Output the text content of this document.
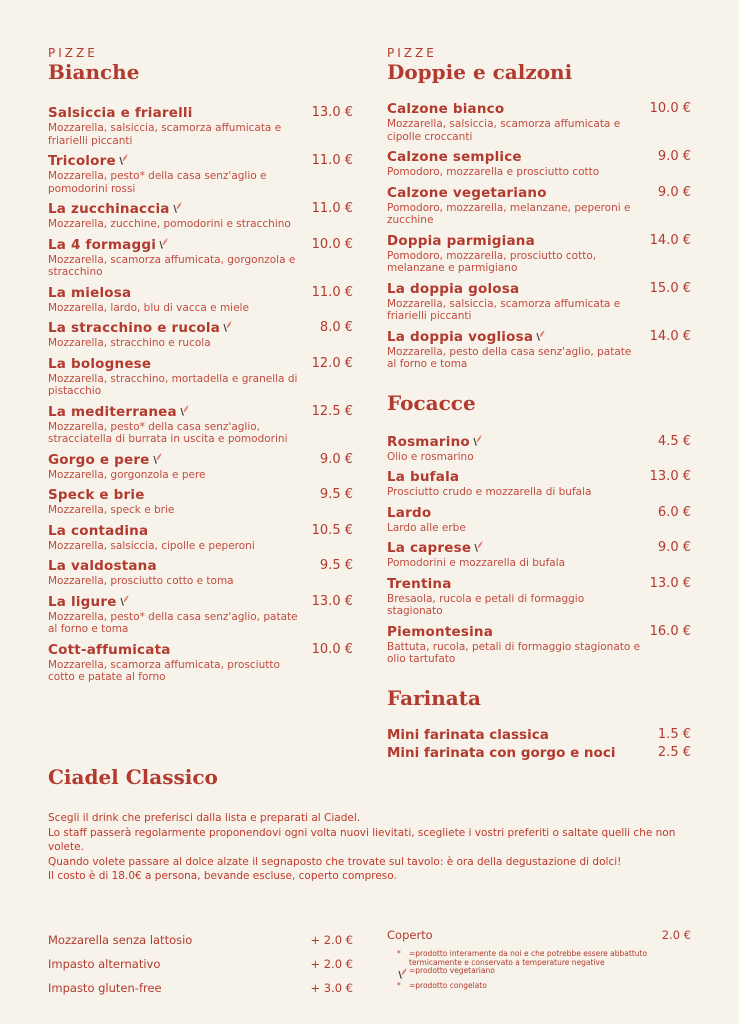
PIZZE
Bianche
Salsiccia e friarelli	13.0 €
Mozzarella, salsiccia, scamorza affumicata e friarielli piccanti
Tricolore	11.0 €
Mozzarella, pesto* della casa senz'aglio e pomodorini rossi
La zucchinaccia	11.0 €
Mozzarella, zucchine, pomodorini e stracchino
La 4 formaggi	10.0 €
Mozzarella, scamorza affumicata, gorgonzola e stracchino
La mielosa	11.0 €
Mozzarella, lardo, blu di vacca e miele
La stracchino e rucola	8.0 €
Mozzarella, stracchino e rucola
La bolognese	12.0 €
Mozzarella, stracchino, mortadella e granella di pistacchio
La mediterranea	12.5 €
Mozzarella, pesto* della casa senz'aglio, stracciatella di burrata in uscita e pomodorini
Gorgo e pere	9.0 €
Mozzarella, gorgonzola e pere
Speck e brie	9.5 €
Mozzarella, speck e brie
La contadina	10.5 €
Mozzarella, salsiccia, cipolle e peperoni
La valdostana	9.5 €
Mozzarella, prosciutto cotto e toma
La ligure	13.0 €
Mozzarella, pesto* della casa senz'aglio, patate al forno e toma
Cott-affumicata	10.0 €
Mozzarella, scamorza affumicata, prosciutto cotto e patate al forno
PIZZE
Doppie e calzoni
Calzone bianco	10.0 €
Mozzarella, salsiccia, scamorza affumicata e cipolle croccanti
Calzone semplice	9.0 €
Pomodoro, mozzarella e prosciutto cotto
Calzone vegetariano	9.0 €
Pomodoro, mozzarella, melanzane, peperoni e zucchine
Doppia parmigiana	14.0 €
Pomodoro, mozzarella, prosciutto cotto, melanzane e parmigiano
La doppia golosa	15.0 €
Mozzarella, salsiccia, scamorza affumicata e friarielli piccanti
La doppia vogliosa	14.0 €
Mozzarella, pesto della casa senz'aglio, patate al forno e toma
Focacce
Rosmarino	4.5 €
Olio e rosmarino
La bufala	13.0 €
Prosciutto crudo e mozzarella di bufala
Lardo	6.0 €
Lardo alle erbe
La caprese	9.0 €
Pomodorini e mozzarella di bufala
Trentina	13.0 €
Bresaola, rucola e petali di formaggio stagionato
Piemontesina	16.0 €
Battuta, rucola, petali di formaggio stagionato e olio tartufato
Farinata
Mini farinata classica	1.5 €
Mini farinata con gorgo e noci	2.5 €
Ciadel Classico

Scegli il drink che preferisci dalla lista e preparati al Ciadel.

Lo staff passerà regolarmente proponendovi ogni volta nuovi lievitati, scegliete i vostri preferiti o saltate quelli che non volete.

Quando volete passare al dolce alzate il segnaposto che trovate sul tavolo: è ora della degustazione di dolci!

Il costo è di 18.0€ a persona, bevande escluse, coperto compreso.

Mozzarella senza lattosio	+ 2.0 €
Impasto alternativo	+ 2.0 €
Impasto gluten-free	+ 3.0 €
Coperto	2.0 €
*	=prodotto interamente da noi e che potrebbe essere abbattuto termicamente e conservato a temperature negative
=prodotto vegetariano
*	=prodotto congelato
